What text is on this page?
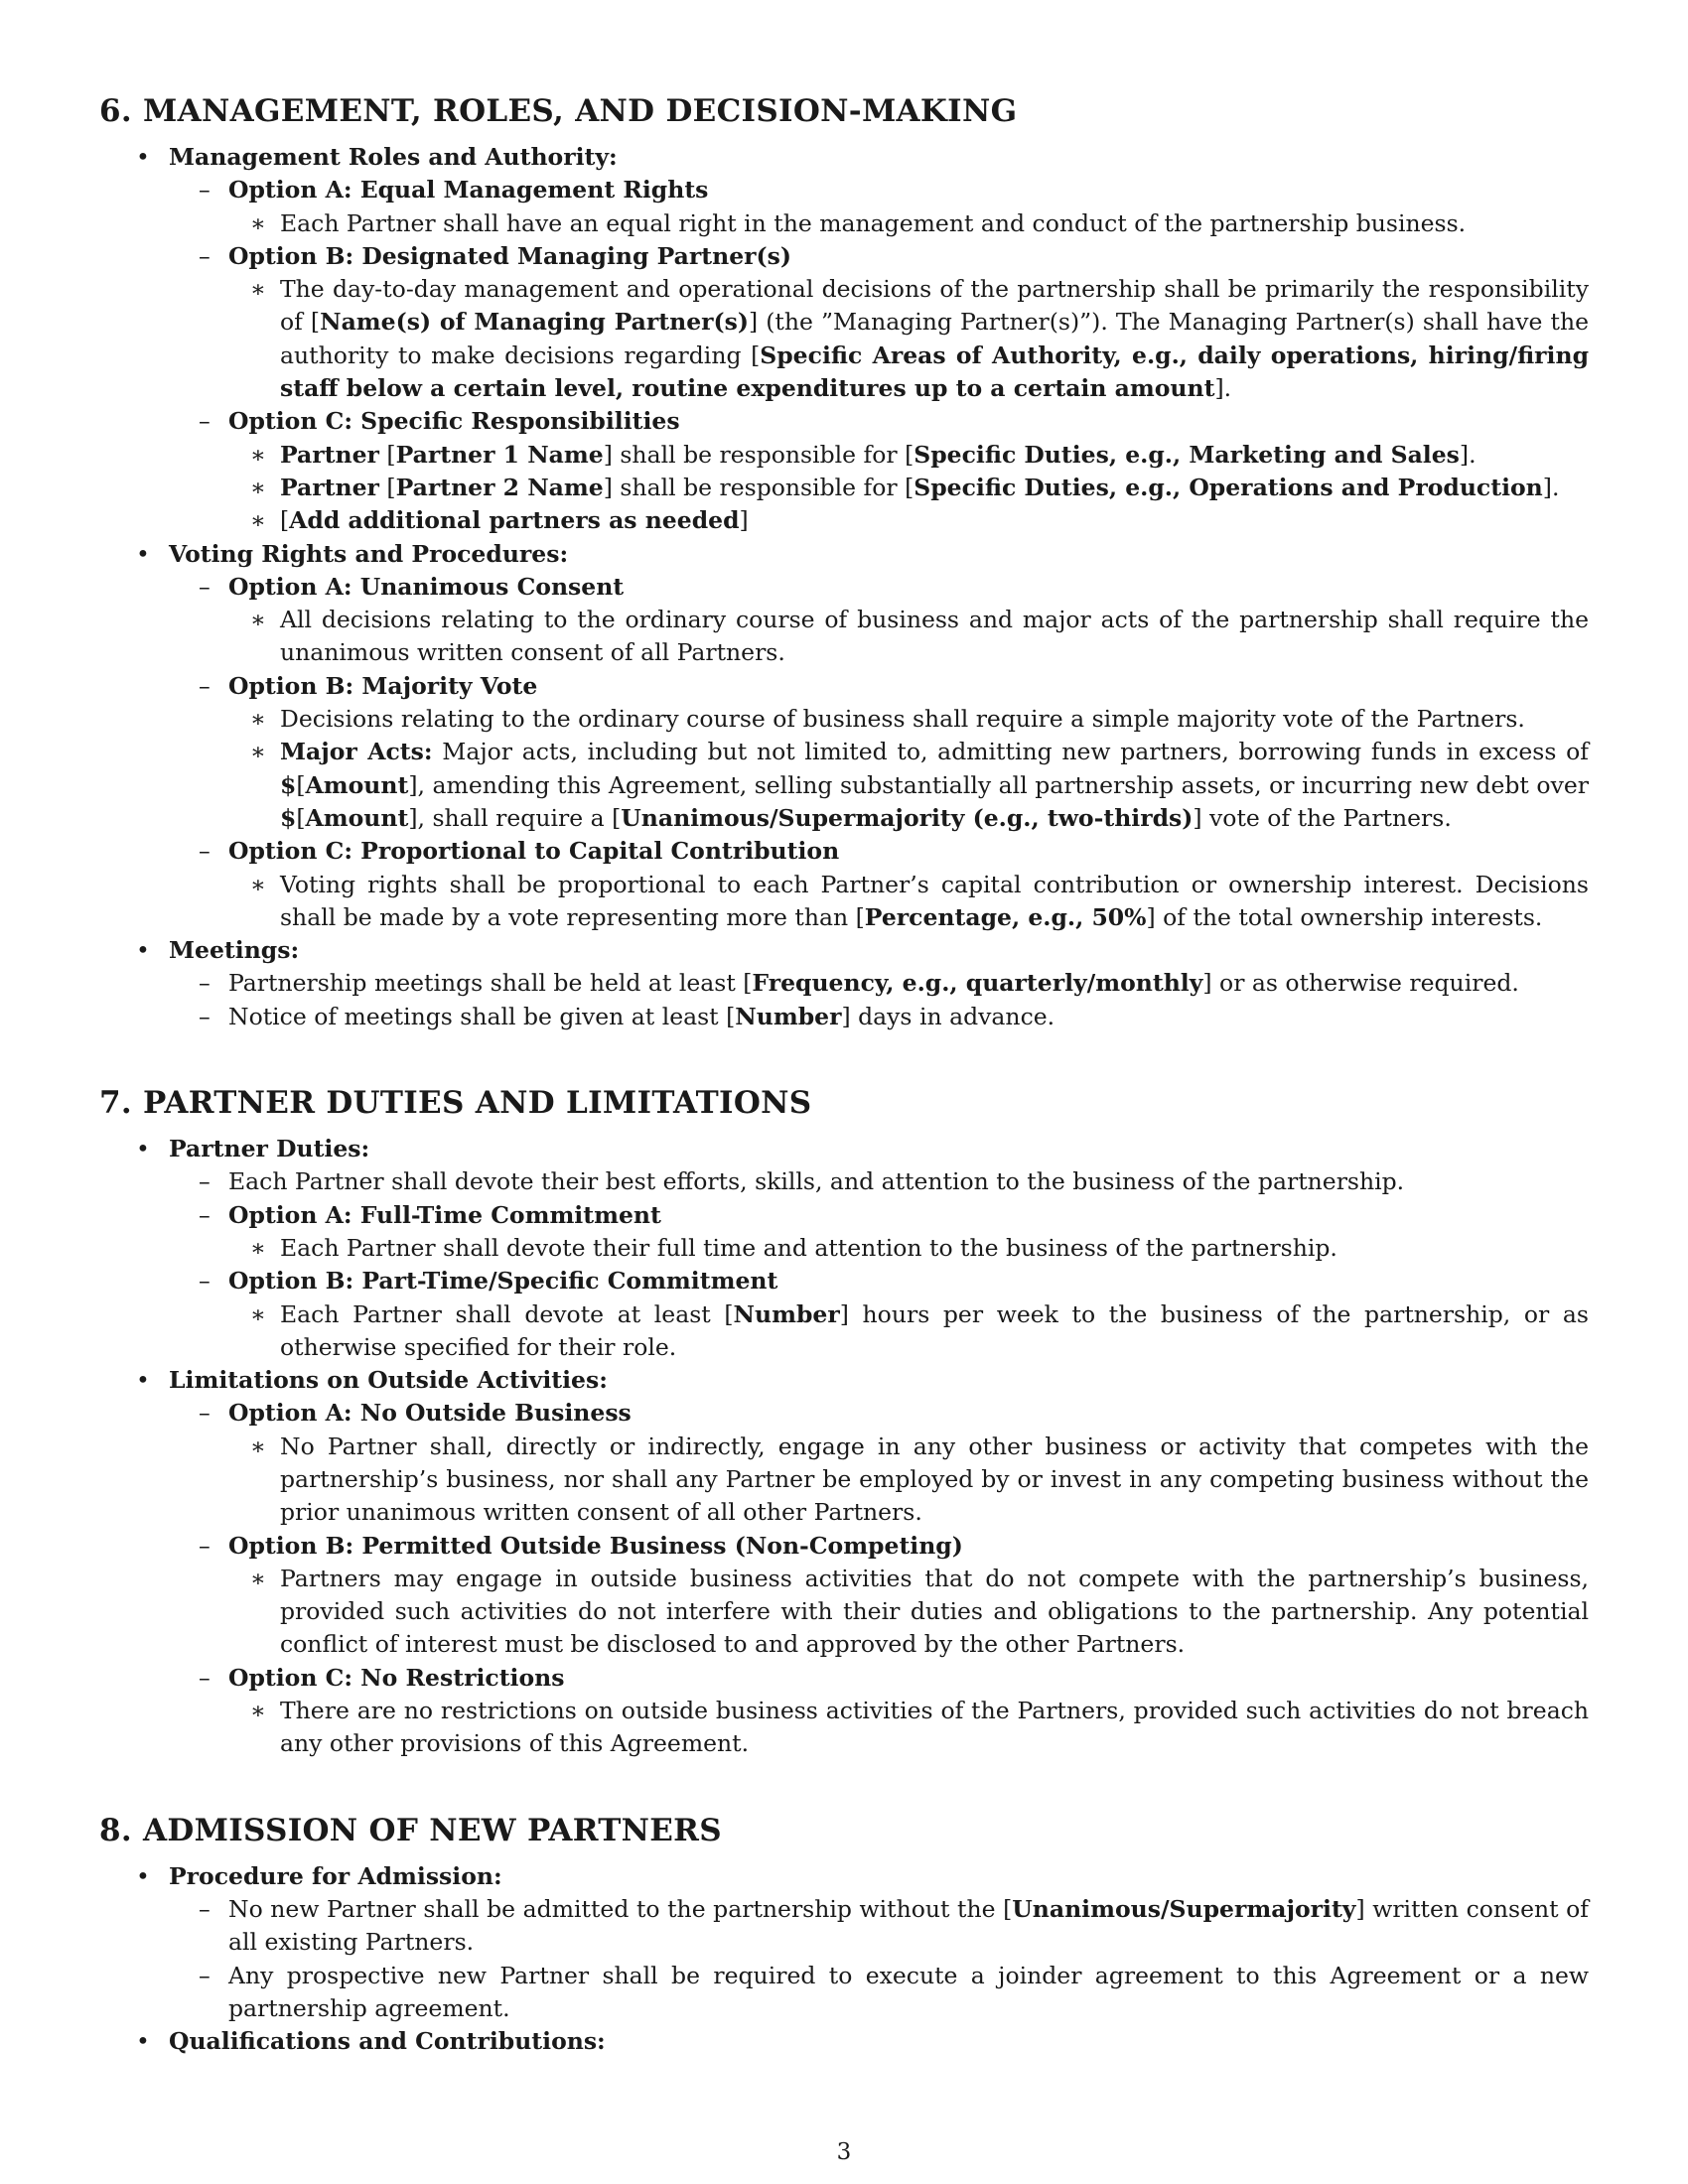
6. MANAGEMENT, ROLES, AND DECISION-MAKING
• Management Roles and Authority:
– Option A: Equal Management Rights
∗ Each Partner shall have an equal right in the management and conduct of the partnership business.
– Option B: Designated Managing Partner(s)
∗ The day-to-day management and operational decisions of the partnership shall be primarily the responsibility of [Name(s) of Managing Partner(s)] (the ”Managing Partner(s)”). The Managing Partner(s) shall have the authority to make decisions regarding [Specific Areas of Authority, e.g., daily operations, hiring/firing staff below a certain level, routine expenditures up to a certain amount].
– Option C: Specific Responsibilities
∗ Partner [Partner 1 Name] shall be responsible for [Specific Duties, e.g., Marketing and Sales].
∗ Partner [Partner 2 Name] shall be responsible for [Specific Duties, e.g., Operations and Production].
∗ [Add additional partners as needed]
• Voting Rights and Procedures:
– Option A: Unanimous Consent
∗ All decisions relating to the ordinary course of business and major acts of the partnership shall require the unanimous written consent of all Partners.
– Option B: Majority Vote
∗ Decisions relating to the ordinary course of business shall require a simple majority vote of the Partners.
∗ Major Acts: Major acts, including but not limited to, admitting new partners, borrowing funds in excess of $[Amount], amending this Agreement, selling substantially all partnership assets, or incurring new debt over $[Amount], shall require a [Unanimous/Supermajority (e.g., two-thirds)] vote of the Partners.
– Option C: Proportional to Capital Contribution
∗ Voting rights shall be proportional to each Partner’s capital contribution or ownership interest. Decisions shall be made by a vote representing more than [Percentage, e.g., 50%] of the total ownership interests.
• Meetings:
– Partnership meetings shall be held at least [Frequency, e.g., quarterly/monthly] or as otherwise required.
– Notice of meetings shall be given at least [Number] days in advance.
7. PARTNER DUTIES AND LIMITATIONS
• Partner Duties:
– Each Partner shall devote their best efforts, skills, and attention to the business of the partnership.
– Option A: Full-Time Commitment
∗ Each Partner shall devote their full time and attention to the business of the partnership.
– Option B: Part-Time/Specific Commitment
∗ Each Partner shall devote at least [Number] hours per week to the business of the partnership, or as otherwise specified for their role.
• Limitations on Outside Activities:
– Option A: No Outside Business
∗ No Partner shall, directly or indirectly, engage in any other business or activity that competes with the partnership’s business, nor shall any Partner be employed by or invest in any competing business without the prior unanimous written consent of all other Partners.
– Option B: Permitted Outside Business (Non-Competing)
∗ Partners may engage in outside business activities that do not compete with the partnership’s business, provided such activities do not interfere with their duties and obligations to the partnership. Any potential conflict of interest must be disclosed to and approved by the other Partners.
– Option C: No Restrictions
∗ There are no restrictions on outside business activities of the Partners, provided such activities do not breach any other provisions of this Agreement.
8. ADMISSION OF NEW PARTNERS
• Procedure for Admission:
– No new Partner shall be admitted to the partnership without the [Unanimous/Supermajority] written consent of all existing Partners.
– Any prospective new Partner shall be required to execute a joinder agreement to this Agreement or a new partnership agreement.
• Qualifications and Contributions:
3
